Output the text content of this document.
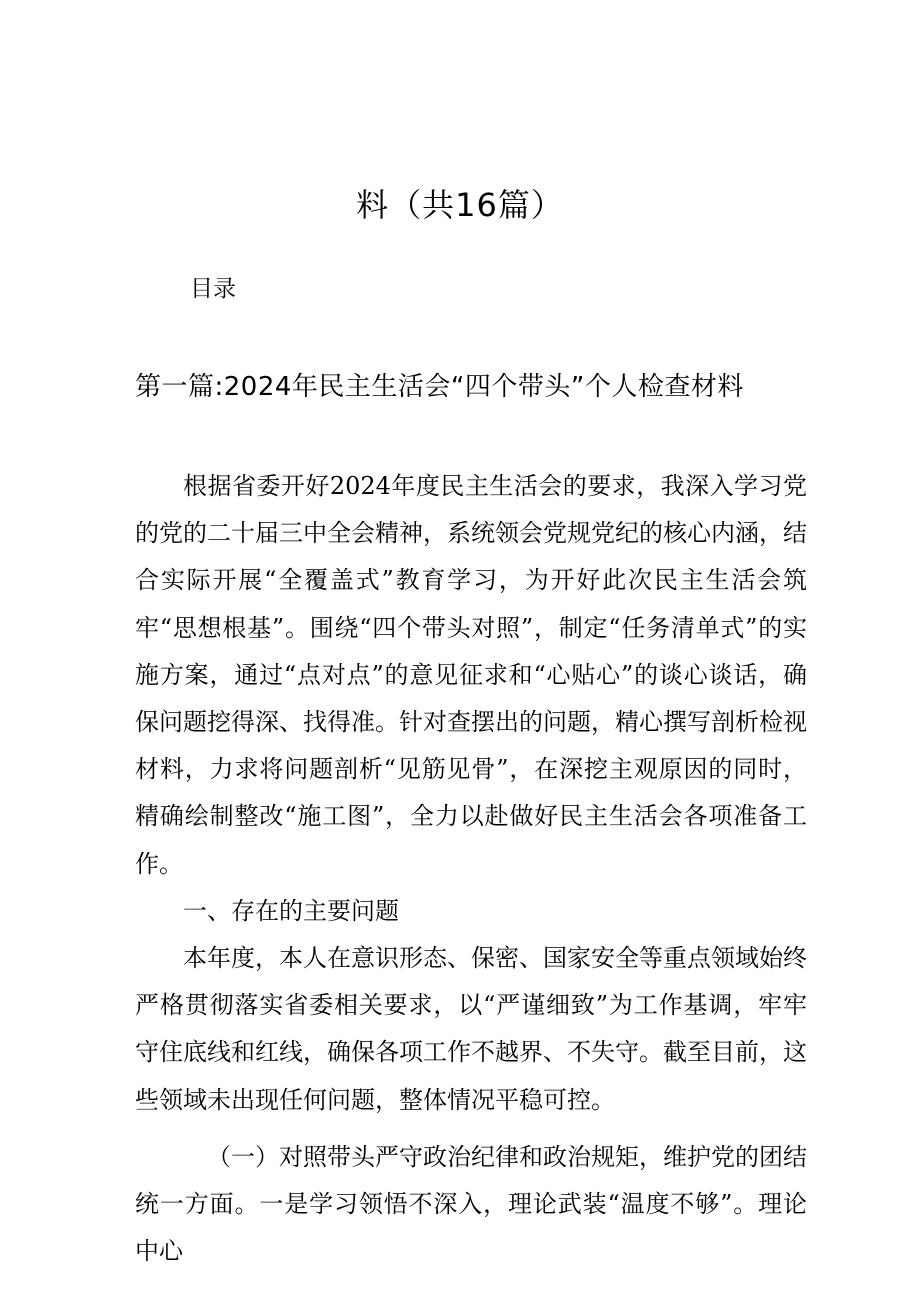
料（共16篇）
目录
第一篇:2024年民主生活会“四个带头”个人检查材料

根据省委开好2024年度民主生活会的要求，我深入学习党的党的二十届三中全会精神，系统领会党规党纪的核心内涵，结合实际开展“全覆盖式”教育学习，为开好此次民主生活会筑牢“思想根基”。围绕“四个带头对照”，制定“任务清单式”的实施方案，通过“点对点”的意见征求和“心贴心”的谈心谈话，确保问题挖得深、找得准。针对查摆出的问题，精心撰写剖析检视材料，力求将问题剖析“见筋见骨”，在深挖主观原因的同时，精确绘制整改“施工图”，全力以赴做好民主生活会各项准备工作。

一、存在的主要问题

本年度，本人在意识形态、保密、国家安全等重点领域始终严格贯彻落实省委相关要求，以“严谨细致”为工作基调，牢牢守住底线和红线，确保各项工作不越界、不失守。截至目前，这些领域未出现任何问题，整体情况平稳可控。

（一）对照带头严守政治纪律和政治规矩，维护党的团结统一方面。一是学习领悟不深入，理论武装“温度不够”。理论中心
